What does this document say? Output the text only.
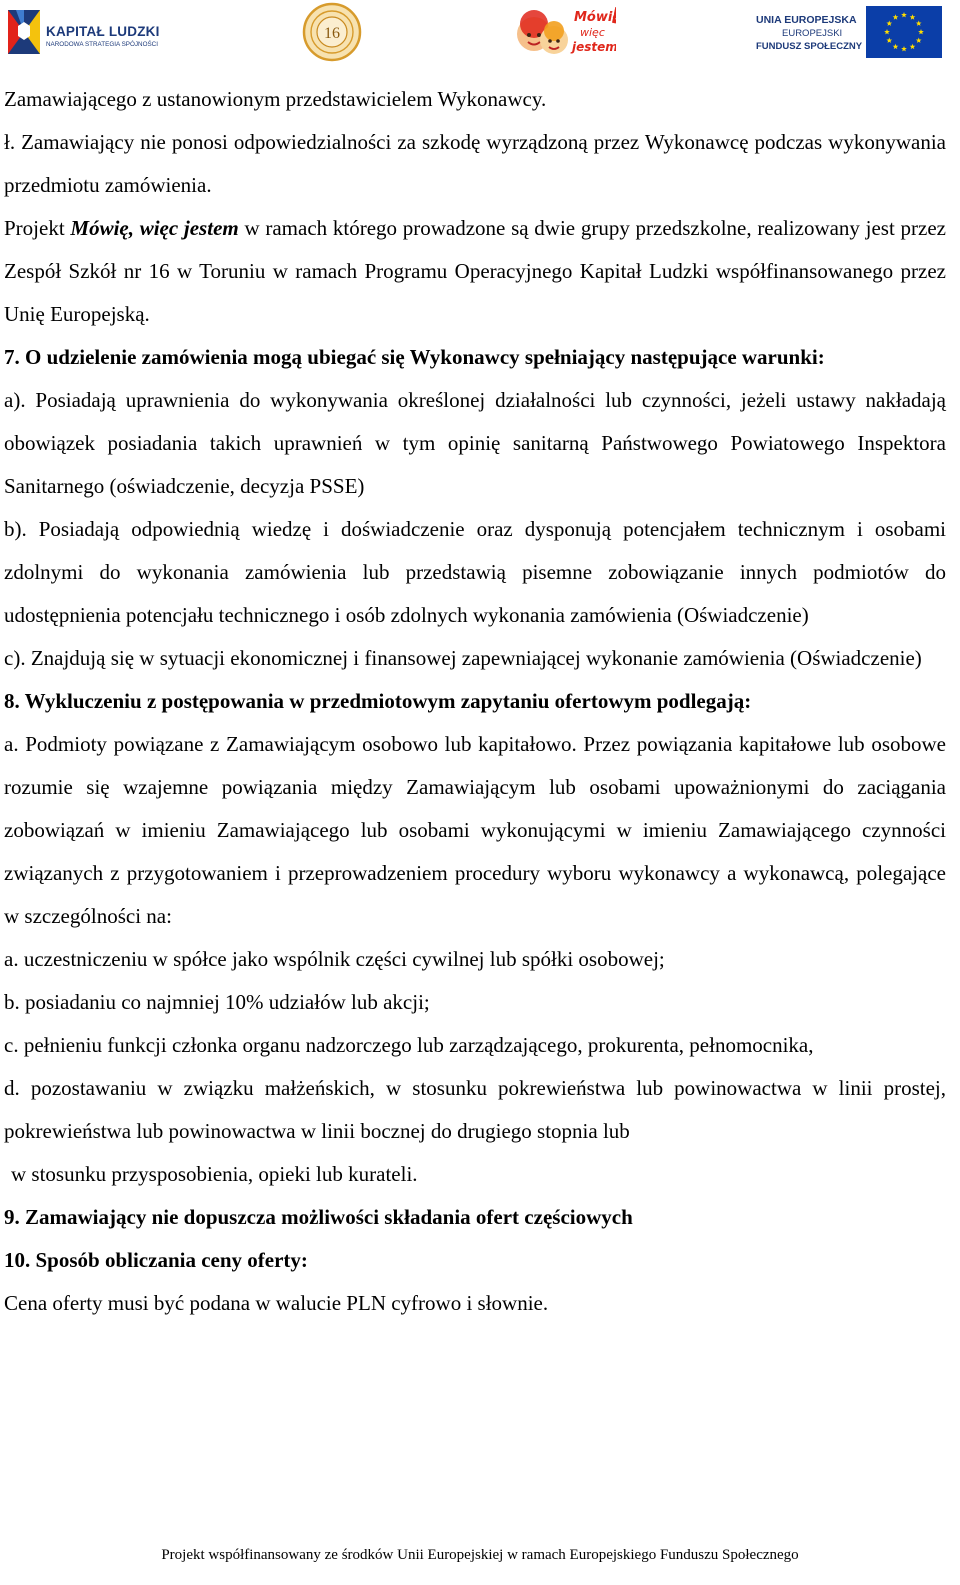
KAPITAŁ LUDZKI
NARODOWA STRATEGIA SPÓJNOŚCI
16
Mówi
więc
jestem
!	UNIA EUROPEJSKA
EUROPEJSKI
FUNDUSZ SPOŁECZNY

Zamawiającego z ustanowionym przedstawicielem Wykonawcy.

ł. Zamawiający nie ponosi odpowiedzialności za szkodę wyrządzoną przez Wykonawcę podczas wykonywania przedmiotu zamówienia.

Projekt Mówię, więc jestem w ramach którego prowadzone są dwie grupy przedszkolne, realizowany jest przez Zespół Szkół nr 16 w Toruniu w ramach Programu Operacyjnego Kapitał Ludzki współfinansowanego przez Unię Europejską.

7. O udzielenie zamówienia mogą ubiegać się Wykonawcy spełniający następujące warunki:

a). Posiadają uprawnienia do wykonywania określonej działalności lub czynności, jeżeli ustawy nakładają obowiązek posiadania takich uprawnień w tym opinię sanitarną Państwowego Powiatowego Inspektora Sanitarnego (oświadczenie, decyzja PSSE)

b). Posiadają odpowiednią wiedzę i doświadczenie oraz dysponują potencjałem technicznym i osobami zdolnymi do wykonania zamówienia lub przedstawią pisemne zobowiązanie innych podmiotów do udostępnienia potencjału technicznego i osób zdolnych wykonania zamówienia (Oświadczenie)

c). Znajdują się w sytuacji ekonomicznej i finansowej zapewniającej wykonanie zamówienia (Oświadczenie)

8. Wykluczeniu z postępowania w przedmiotowym zapytaniu ofertowym podlegają:

a. Podmioty powiązane z Zamawiającym osobowo lub kapitałowo. Przez powiązania kapitałowe lub osobowe rozumie się wzajemne powiązania między Zamawiającym lub osobami upoważnionymi do zaciągania zobowiązań w imieniu Zamawiającego lub osobami wykonującymi w imieniu Zamawiającego czynności związanych z przygotowaniem i przeprowadzeniem procedury wyboru wykonawcy a wykonawcą, polegające w szczególności na:

a. uczestniczeniu w spółce jako wspólnik części cywilnej lub spółki osobowej;

b. posiadaniu co najmniej 10% udziałów lub akcji;

c. pełnieniu funkcji członka organu nadzorczego lub zarządzającego, prokurenta, pełnomocnika,

d. pozostawaniu w związku małżeńskich, w stosunku pokrewieństwa lub powinowactwa w linii prostej, pokrewieństwa lub powinowactwa w linii bocznej do drugiego stopnia lub

w stosunku przysposobienia, opieki lub kurateli.

9. Zamawiający nie dopuszcza możliwości składania ofert częściowych

10. Sposób obliczania ceny oferty:

Cena oferty musi być podana w walucie PLN cyfrowo i słownie.

Projekt współfinansowany ze środków Unii Europejskiej w ramach Europejskiego Funduszu Społecznego
